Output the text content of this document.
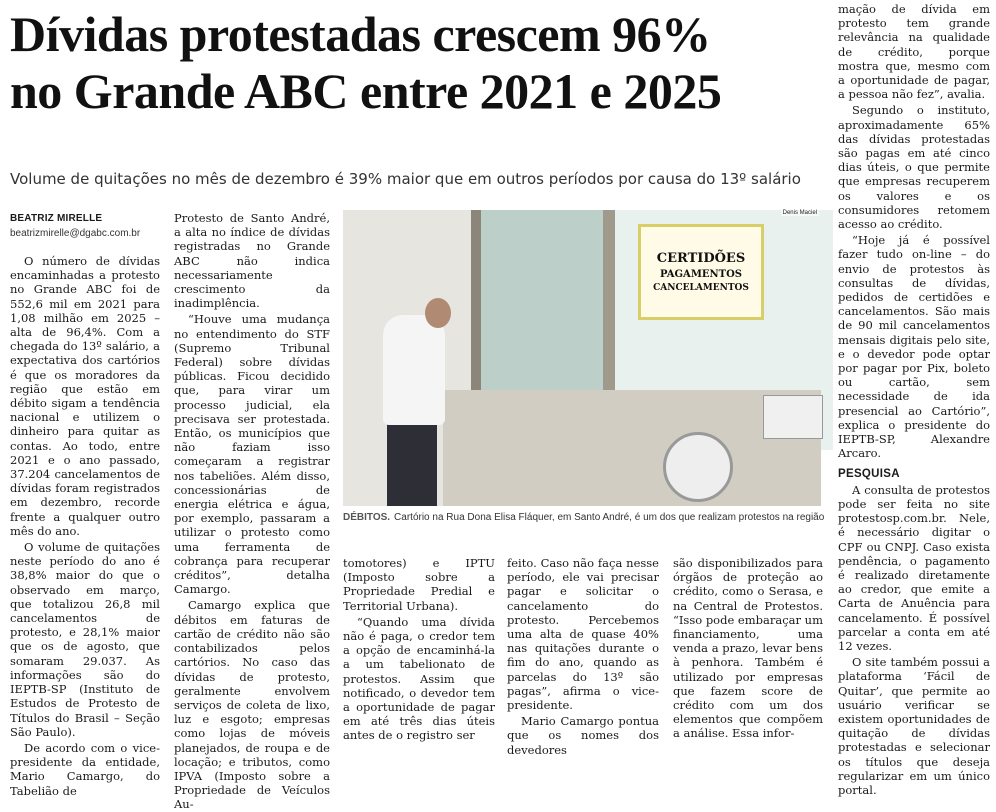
Dívidas protestadas crescem 96%
no Grande ABC entre 2021 e 2025
Volume de quitações no mês de dezembro é 39% maior que em outros períodos por causa do 13º salário
BEATRIZ MIRELLE
beatrizmirelle@dgabc.com.br

O número de dívidas encaminhadas a protesto no Grande ABC foi de 552,6 mil em 2021 para 1,08 milhão em 2025 – alta de 96,4%. Com a chegada do 13º salário, a expectativa dos cartórios é que os moradores da região que estão em débito sigam a tendência nacional e utilizem o dinheiro para quitar as contas. Ao todo, entre 2021 e o ano passado, 37.204 cancelamentos de dívidas foram registrados em dezembro, recorde frente a qualquer outro mês do ano.

O volume de quitações neste período do ano é 38,8% maior do que o observado em março, que totalizou 26,8 mil cancelamentos de protesto, e 28,1% maior que os de agosto, que somaram 29.037. As informações são do IEPTB-SP (Instituto de Estudos de Protesto de Títulos do Brasil – Seção São Paulo).

De acordo com o vice-presidente da entidade, Mario Camargo, do Tabelião de

Protesto de Santo André, a alta no índice de dívidas registradas no Grande ABC não indica necessariamente crescimento da inadimplência.

“Houve uma mudança no entendimento do STF (Supremo Tribunal Federal) sobre dívidas públicas. Ficou decidido que, para virar um processo judicial, ela precisava ser protestada. Então, os municípios que não faziam isso começaram a registrar nos tabeliões. Além disso, concessionárias de energia elétrica e água, por exemplo, passaram a utilizar o protesto como uma ferramenta de cobrança para recuperar créditos”, detalha Camargo.

Camargo explica que débitos em faturas de cartão de crédito não são contabilizados pelos cartórios. No caso das dívidas de protesto, geralmente envolvem serviços de coleta de lixo, luz e esgoto; empresas como lojas de móveis planejados, de roupa e de locação; e tributos, como IPVA (Imposto sobre a Propriedade de Veículos Au-

CERTIDÕES
PAGAMENTOS
CANCELAMENTOS
Denis Maciel
DÉBITOS. Cartório na Rua Dona Elisa Fláquer, em Santo André, é um dos que realizam protestos na região

tomotores) e IPTU (Imposto sobre a Propriedade Predial e Territorial Urbana).

“Quando uma dívida não é paga, o credor tem a opção de encaminhá-la a um tabelionato de protestos. Assim que notificado, o devedor tem a oportunidade de pagar em até três dias úteis antes de o registro ser

feito. Caso não faça nesse período, ele vai precisar pagar e solicitar o cancelamento do protesto. Percebemos uma alta de quase 40% nas quitações durante o fim do ano, quando as parcelas do 13º são pagas”, afirma o vice-presidente.

Mario Camargo pontua que os nomes dos devedores

são disponibilizados para órgãos de proteção ao crédito, como o Serasa, e na Central de Protestos. “Isso pode embaraçar um financiamento, uma venda a prazo, levar bens à penhora. Também é utilizado por empresas que fazem score de crédito com um dos elementos que compõem a análise. Essa infor-

mação de dívida em protesto tem grande relevância na qualidade de crédito, porque mostra que, mesmo com a oportunidade de pagar, a pessoa não fez”, avalia.

Segundo o instituto, aproximadamente 65% das dívidas protestadas são pagas em até cinco dias úteis, o que permite que empresas recuperem os valores e os consumidores retomem acesso ao crédito.

“Hoje já é possível fazer tudo on-line – do envio de protestos às consultas de dívidas, pedidos de certidões e cancelamentos. São mais de 90 mil cancelamentos mensais digitais pelo site, e o devedor pode optar por pagar por Pix, boleto ou cartão, sem necessidade de ida presencial ao Cartório”, explica o presidente do IEPTB-SP, Alexandre Arcaro.

PESQUISA

A consulta de protestos pode ser feita no site protestosp.com.br. Nele, é necessário digitar o CPF ou CNPJ. Caso exista pendência, o pagamento é realizado diretamente ao credor, que emite a Carta de Anuência para cancelamento. É possível parcelar a conta em até 12 vezes.

O site também possui a plataforma ‘Fácil de Quitar’, que permite ao usuário verificar se existem oportunidades de quitação de dívidas protestadas e selecionar os títulos que deseja regularizar em um único portal.
